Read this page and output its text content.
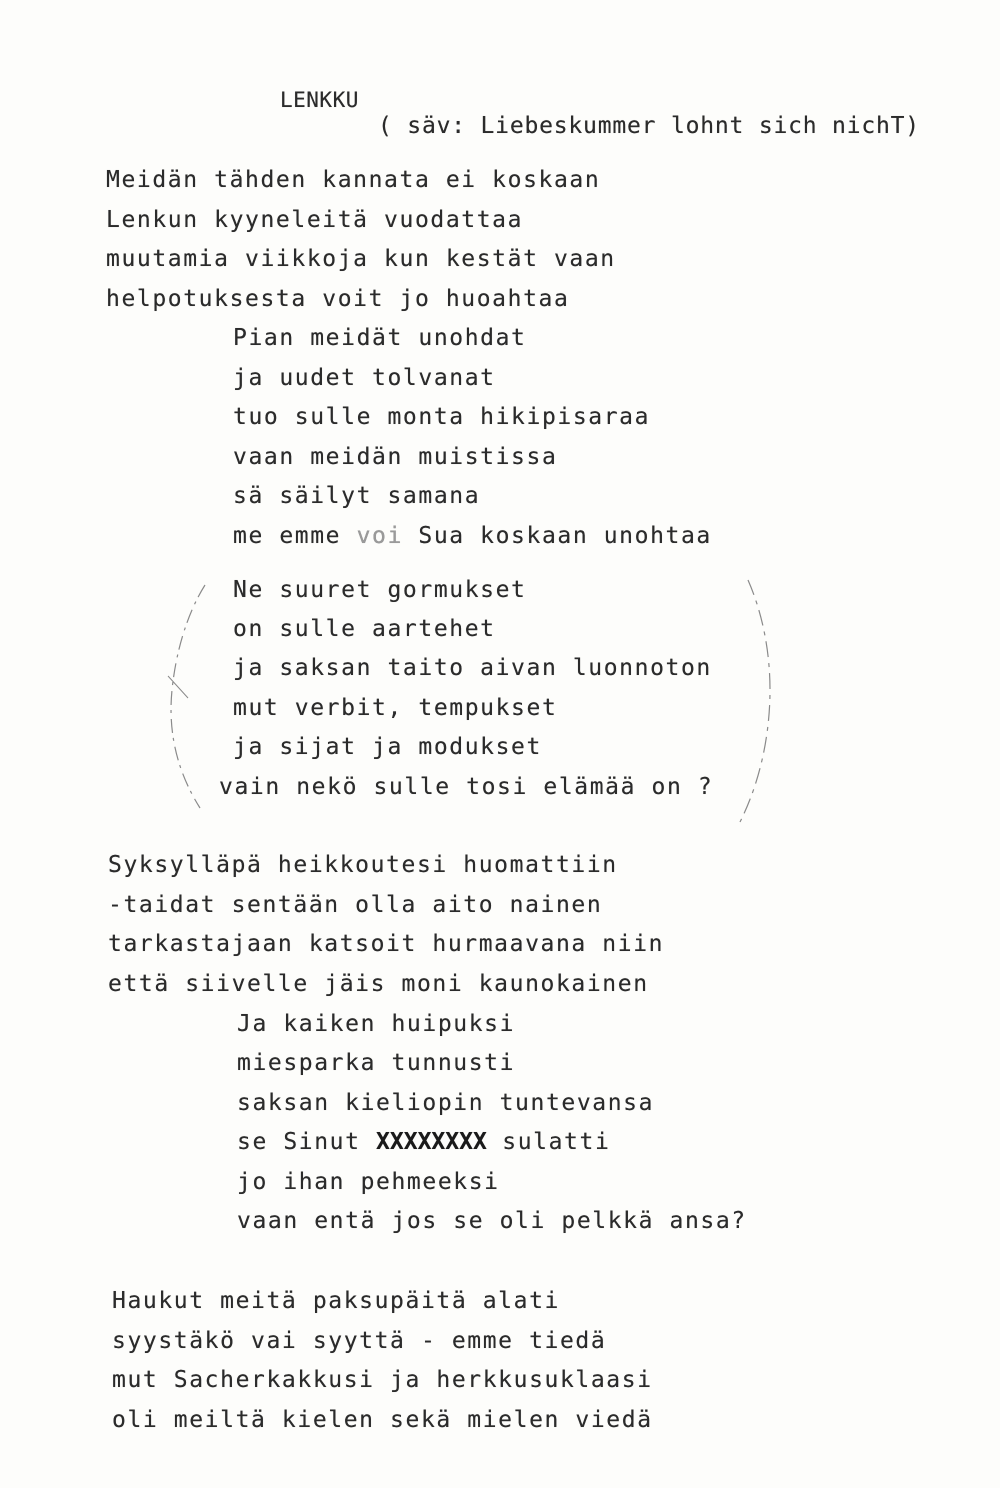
LENKKU
( säv: Liebeskummer lohnt sich nichT)
Meidän tähden kannata ei koskaan
Lenkun kyyneleitä vuodattaa
muutamia viikkoja kun kestät vaan
helpotuksesta voit jo huoahtaa
Pian meidät unohdat
ja uudet tolvanat
tuo sulle monta hikipisaraa
vaan meidän muistissa
sä säilyt samana
me emme voi Sua koskaan unohtaa
Ne suuret gormukset
on sulle aartehet
ja saksan taito aivan luonnoton
mut verbit, tempukset
ja sijat ja modukset
vain nekö sulle tosi elämää on ?
Syksylläpä heikkoutesi huomattiin
-taidat sentään olla aito nainen
tarkastajaan katsoit hurmaavana niin
että siivelle jäis moni kaunokainen
Ja kaiken huipuksi
miesparka tunnusti
saksan kieliopin tuntevansa
se Sinut XXXXXXXX sulatti
jo ihan pehmeeksi
vaan entä jos se oli pelkkä ansa?
Haukut meitä paksupäitä alati
syystäkö vai syyttä - emme tiedä
mut Sacherkakkusi ja herkkusuklaasi
oli meiltä kielen sekä mielen viedä
